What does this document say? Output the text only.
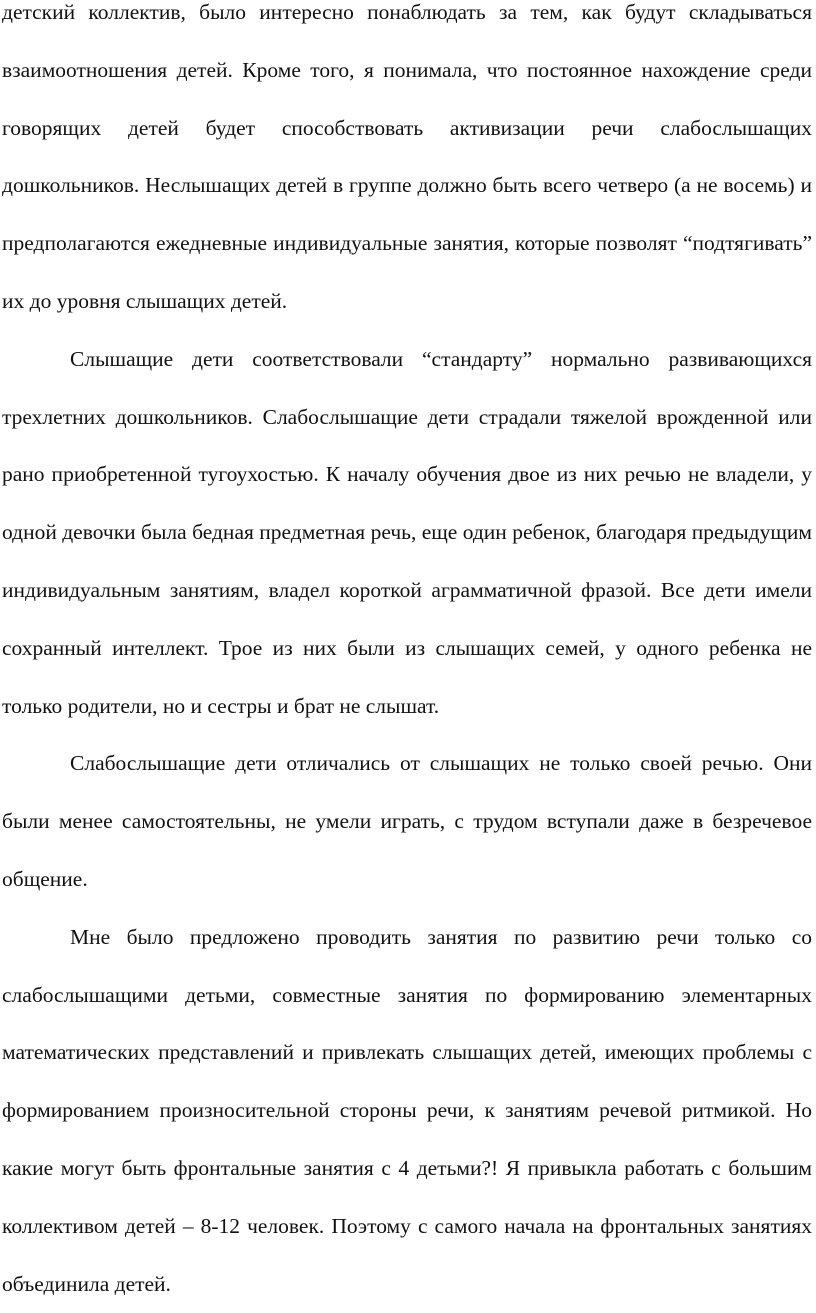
детский коллектив, было интересно понаблюдать за тем, как будут складываться взаимоотношения детей. Кроме того, я понимала, что постоянное нахождение среди говорящих детей будет способствовать активизации речи слабослышащих дошкольников. Неслышащих детей в группе должно быть всего четверо (а не восемь) и предполагаются ежедневные индивидуальные занятия, которые позволят “подтягивать” их до уровня слышащих детей.

Слышащие дети соответствовали “стандарту” нормально развивающихся трехлетних дошкольников. Слабослышащие дети страдали тяжелой врожденной или рано приобретенной тугоухостью. К началу обучения двое из них речью не владели, у одной девочки была бедная предметная речь, еще один ребенок, благодаря предыдущим индивидуальным занятиям, владел короткой аграмматичной фразой. Все дети имели сохранный интеллект. Трое из них были из слышащих семей, у одного ребенка не только родители, но и сестры и брат не слышат.

Слабослышащие дети отличались от слышащих не только своей речью. Они были менее самостоятельны, не умели играть, с трудом вступали даже в безречевое общение.

Мне было предложено проводить занятия по развитию речи только со слабослышащими детьми, совместные занятия по формированию элементарных математических представлений и привлекать слышащих детей, имеющих проблемы с формированием произносительной стороны речи, к занятиям речевой ритмикой. Но какие могут быть фронтальные занятия с 4 детьми?! Я привыкла работать с большим коллективом детей – 8-12 человек. Поэтому с самого начала на фронтальных занятиях объединила детей.
